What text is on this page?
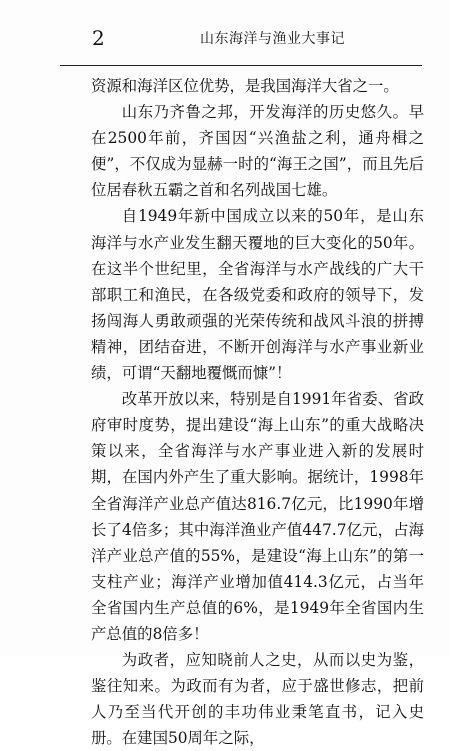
2	山东海洋与渔业大事记

资源和海洋区位优势，是我国海洋大省之一。

山东乃齐鲁之邦，开发海洋的历史悠久。早在2500年前，齐国因“兴渔盐之利，通舟楫之便”，不仅成为显赫一时的“海王之国”，而且先后位居春秋五霸之首和名列战国七雄。

自1949年新中国成立以来的50年，是山东海洋与水产业发生翻天覆地的巨大变化的50年。在这半个世纪里，全省海洋与水产战线的广大干部职工和渔民，在各级党委和政府的领导下，发扬闯海人勇敢顽强的光荣传统和战风斗浪的拼搏精神，团结奋进，不断开创海洋与水产事业新业绩，可谓“天翻地覆慨而慷”！

改革开放以来，特别是自1991年省委、省政府审时度势，提出建设“海上山东”的重大战略决策以来，全省海洋与水产事业进入新的发展时期，在国内外产生了重大影响。据统计，1998年全省海洋产业总产值达816.7亿元，比1990年增长了4倍多；其中海洋渔业产值447.7亿元，占海洋产业总产值的55%，是建设“海上山东”的第一支柱产业；海洋产业增加值414.3亿元，占当年全省国内生产总值的6%，是1949年全省国内生产总值的8倍多！

为政者，应知晓前人之史，从而以史为鉴，鉴往知来。为政而有为者，应于盛世修志，把前人乃至当代开创的丰功伟业秉笔直书，记入史册。在建国50周年之际，
